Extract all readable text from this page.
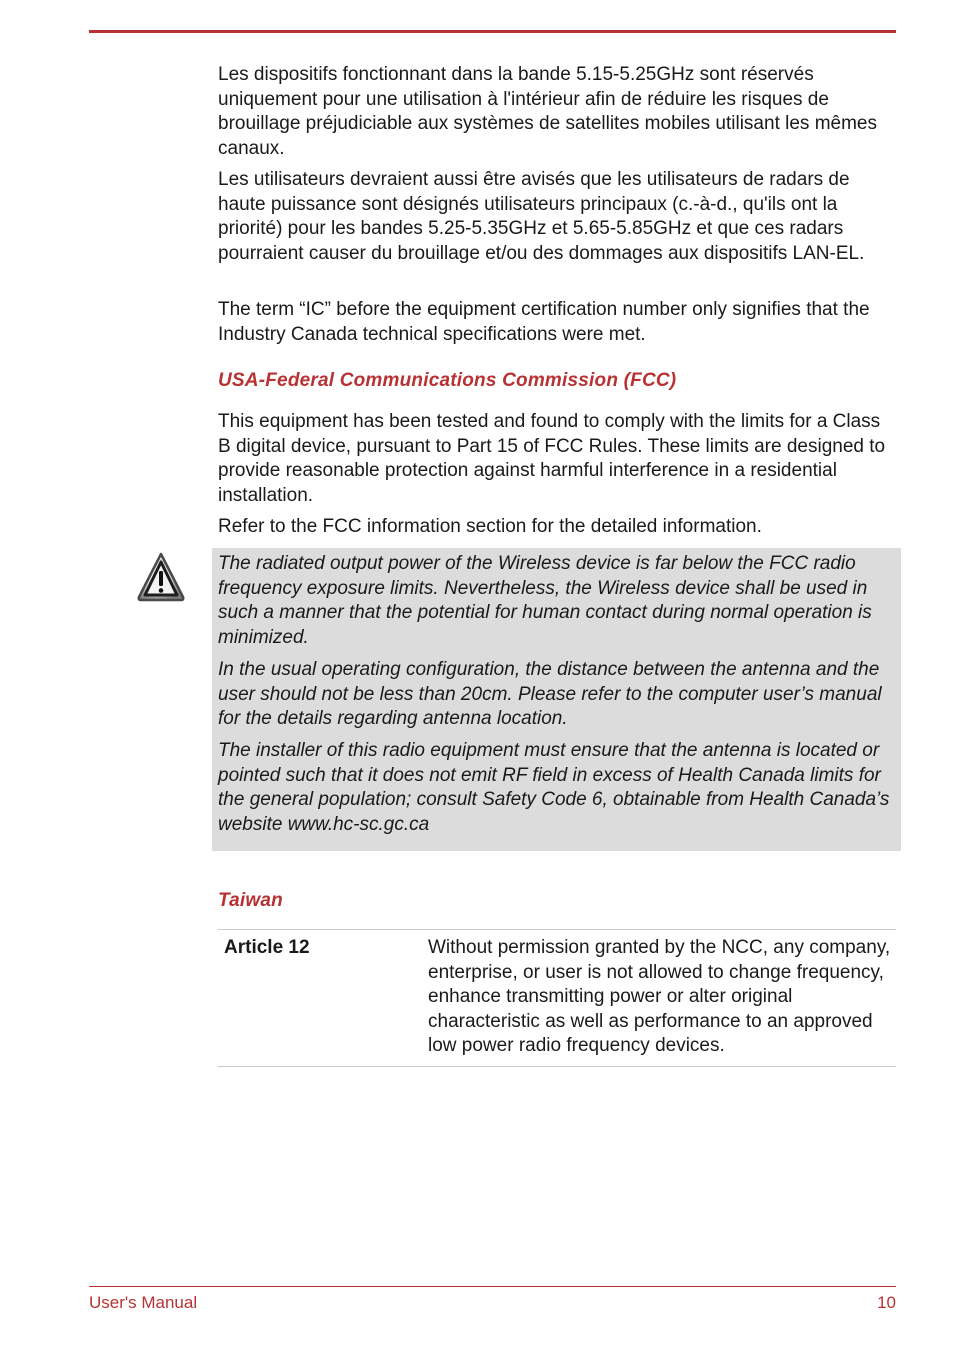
Les dispositifs fonctionnant dans la bande 5.15-5.25GHz sont réservés uniquement pour une utilisation à l'intérieur afin de réduire les risques de brouillage préjudiciable aux systèmes de satellites mobiles utilisant les mêmes canaux.

Les utilisateurs devraient aussi être avisés que les utilisateurs de radars de haute puissance sont désignés utilisateurs principaux (c.-à-d., qu'ils ont la priorité) pour les bandes 5.25-5.35GHz et 5.65-5.85GHz et que ces radars pourraient causer du brouillage et/ou des dommages aux dispositifs LAN-EL.

The term “IC” before the equipment certification number only signifies that the Industry Canada technical specifications were met.

USA-Federal Communications Commission (FCC)

This equipment has been tested and found to comply with the limits for a Class B digital device, pursuant to Part 15 of FCC Rules. These limits are designed to provide reasonable protection against harmful interference in a residential installation.

Refer to the FCC information section for the detailed information.

The radiated output power of the Wireless device is far below the FCC radio frequency exposure limits. Nevertheless, the Wireless device shall be used in such a manner that the potential for human contact during normal operation is minimized.

In the usual operating configuration, the distance between the antenna and the user should not be less than 20cm. Please refer to the computer user’s manual for the details regarding antenna location.

The installer of this radio equipment must ensure that the antenna is located or pointed such that it does not emit RF field in excess of Health Canada limits for the general population; consult Safety Code 6, obtainable from Health Canada’s website www.hc-sc.gc.ca

Taiwan

Article 12	Without permission granted by the NCC, any company, enterprise, or user is not allowed to change frequency, enhance transmitting power or alter original characteristic as well as performance to an approved low power radio frequency devices.

User's Manual	10
